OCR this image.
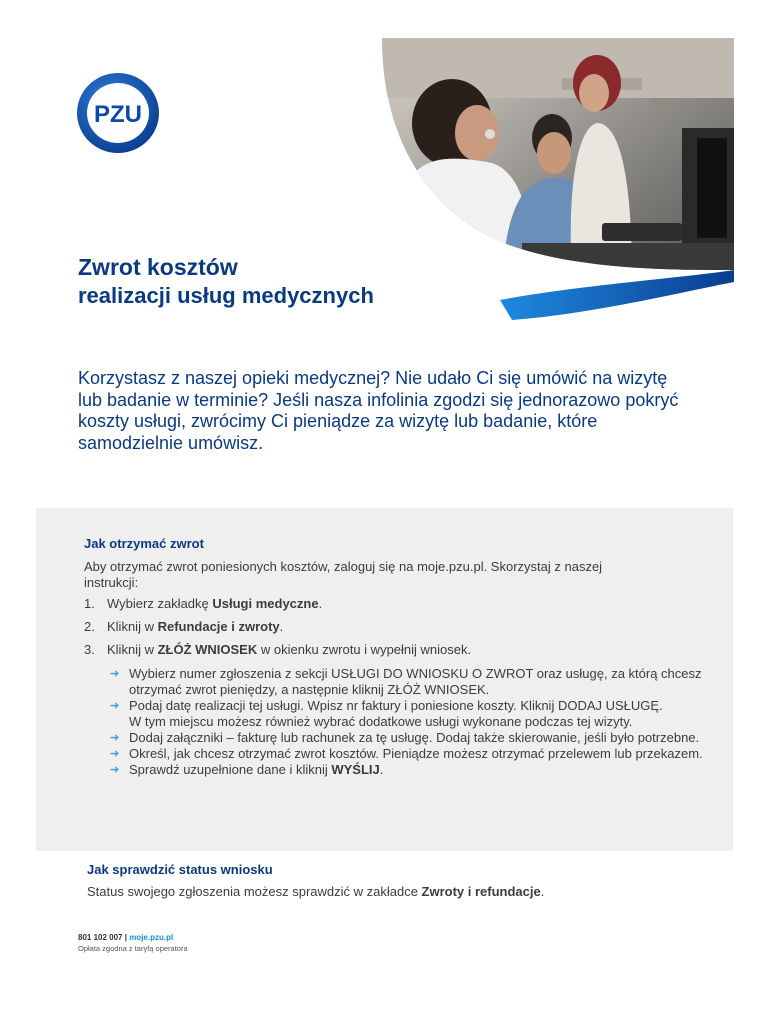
PZU
Zwrot kosztów
realizacji usług medycznych

Korzystasz z naszej opieki medycznej? Nie udało Ci się umówić na wizytę lub badanie w terminie? Jeśli nasza infolinia zgodzi się jednorazowo pokryć koszty usługi, zwrócimy Ci pieniądze za wizytę lub badanie, które samodzielnie umówisz.

Jak otrzymać zwrot

Aby otrzymać zwrot poniesionych kosztów, zaloguj się na moje.pzu.pl. Skorzystaj z naszej instrukcji:

1. Wybierz zakładkę Usługi medyczne.
2. Kliknij w Refundacje i zwroty.
3. Kliknij w ZŁÓŻ WNIOSEK w okienku zwrotu i wypełnij wniosek.
➔ Wybierz numer zgłoszenia z sekcji USŁUGI DO WNIOSKU O ZWROT oraz usługę, za którą chcesz otrzymać zwrot pieniędzy, a następnie kliknij ZŁÓŻ WNIOSEK.
➔ Podaj datę realizacji tej usługi. Wpisz nr faktury i poniesione koszty. Kliknij DODAJ USŁUGĘ.
W tym miejscu możesz również wybrać dodatkowe usługi wykonane podczas tej wizyty.
➔ Dodaj załączniki – fakturę lub rachunek za tę usługę. Dodaj także skierowanie, jeśli było potrzebne.
➔ Określ, jak chcesz otrzymać zwrot kosztów. Pieniądze możesz otrzymać przelewem lub przekazem.
➔ Sprawdź uzupełnione dane i kliknij WYŚLIJ.
Jak sprawdzić status wniosku

Status swojego zgłoszenia możesz sprawdzić w zakładce Zwroty i refundacje.

801 102 007 | moje.pzu.pl
Opłata zgodna z taryfą operatora
